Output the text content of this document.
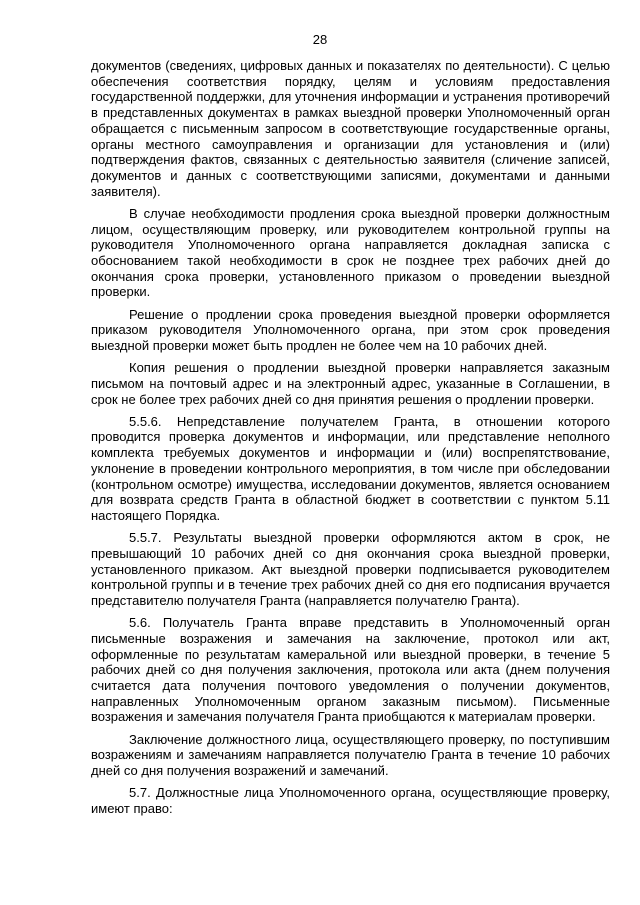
28

документов (сведениях, цифровых данных и показателях по деятельности). С целью обеспечения соответствия порядку, целям и условиям предоставления государственной поддержки, для уточнения информации и устранения противоречий в представленных документах в рамках выездной проверки Уполномоченный орган обращается с письменным запросом в соответствующие государственные органы, органы местного самоуправления и организации для установления и (или) подтверждения фактов, связанных с деятельностью заявителя (сличение записей, документов и данных с соответствующими записями, документами и данными заявителя).

В случае необходимости продления срока выездной проверки должностным лицом, осуществляющим проверку, или руководителем контрольной группы на руководителя Уполномоченного органа направляется докладная записка с обоснованием такой необходимости в срок не позднее трех рабочих дней до окончания срока проверки, установленного приказом о проведении выездной проверки.

Решение о продлении срока проведения выездной проверки оформляется приказом руководителя Уполномоченного органа, при этом срок проведения выездной проверки может быть продлен не более чем на 10 рабочих дней.

Копия решения о продлении выездной проверки направляется заказным письмом на почтовый адрес и на электронный адрес, указанные в Соглашении, в срок не более трех рабочих дней со дня принятия решения о продлении проверки.

5.5.6. Непредставление получателем Гранта, в отношении которого проводится проверка документов и информации, или представление неполного комплекта требуемых документов и информации и (или) воспрепятствование, уклонение в проведении контрольного мероприятия, в том числе при обследовании (контрольном осмотре) имущества, исследовании документов, является основанием для возврата средств Гранта в областной бюджет в соответствии с пунктом 5.11 настоящего Порядка.

5.5.7. Результаты выездной проверки оформляются актом в срок, не превышающий 10 рабочих дней со дня окончания срока выездной проверки, установленного приказом. Акт выездной проверки подписывается руководителем контрольной группы и в течение трех рабочих дней со дня его подписания вручается представителю получателя Гранта (направляется получателю Гранта).

5.6. Получатель Гранта вправе представить в Уполномоченный орган письменные возражения и замечания на заключение, протокол или акт, оформленные по результатам камеральной или выездной проверки, в течение 5 рабочих дней со дня получения заключения, протокола или акта (днем получения считается дата получения почтового уведомления о получении документов, направленных Уполномоченным органом заказным письмом). Письменные возражения и замечания получателя Гранта приобщаются к материалам проверки.

Заключение должностного лица, осуществляющего проверку, по поступившим возражениям и замечаниям направляется получателю Гранта в течение 10 рабочих дней со дня получения возражений и замечаний.

5.7. Должностные лица Уполномоченного органа, осуществляющие проверку, имеют право:
